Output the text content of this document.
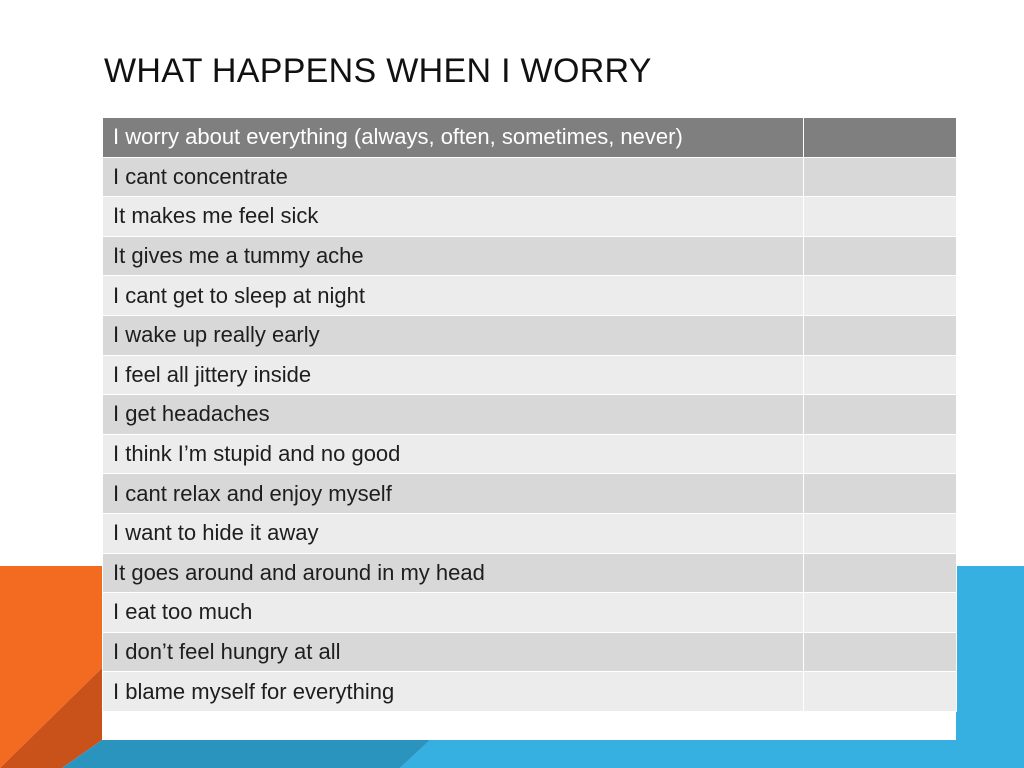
WHAT HAPPENS WHEN I WORRY
I worry about everything (always, often, sometimes, never)	
I cant concentrate	
It makes me feel sick	
It gives me a tummy ache	
I cant get to sleep at night	
I wake up really early	
I feel all jittery inside	
I get headaches	
I think I’m stupid and no good	
I cant relax and enjoy myself	
I want to hide it away	
It goes around and around in my head	
I eat too much	
I don’t feel hungry at all	
I blame myself for everything	
